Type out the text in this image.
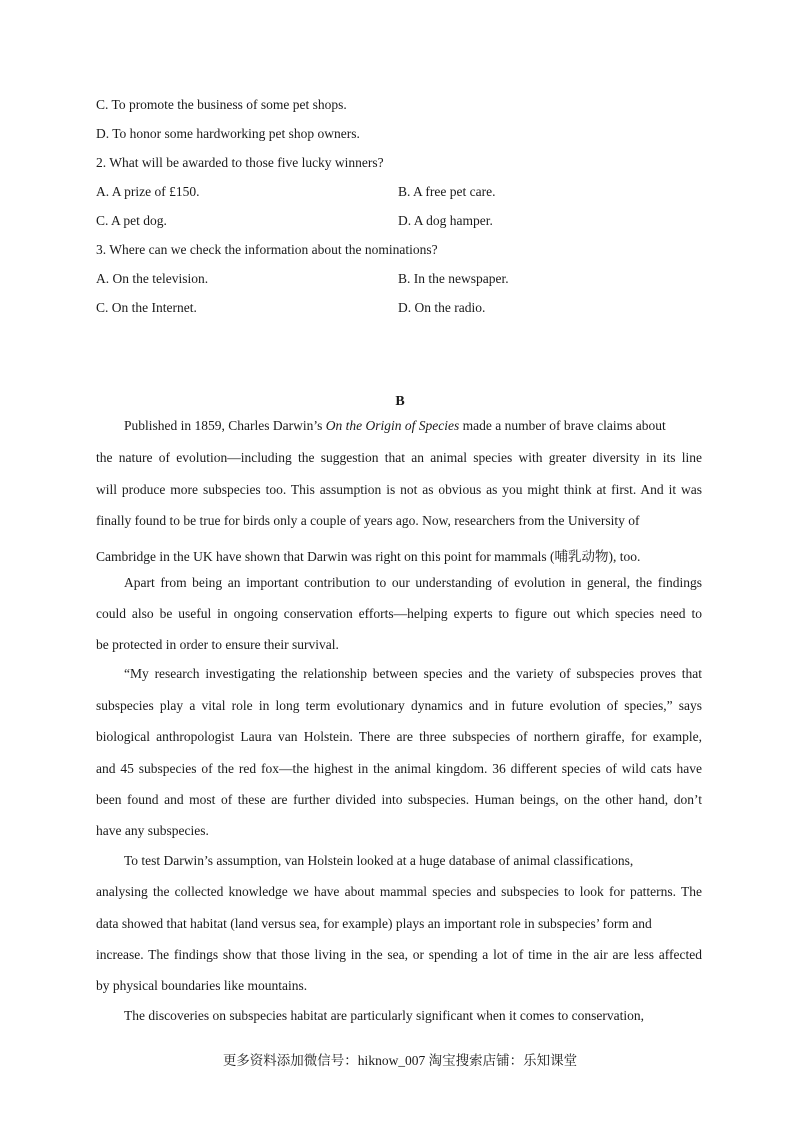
C. To promote the business of some pet shops.
D. To honor some hardworking pet shop owners.
2. What will be awarded to those five lucky winners?
A. A prize of £150.	B. A free pet care.
C. A pet dog.	D. A dog hamper.
3. Where can we check the information about the nominations?
A. On the television.	B. In the newspaper.
C. On the Internet.	D. On the radio.
B
Published in 1859, Charles Darwin’s On the Origin of Species made a number of brave claims about
the nature of evolution—including the suggestion that an animal species with greater diversity in its line
will produce more subspecies too. This assumption is not as obvious as you might think at first. And it was
finally found to be true for birds only a couple of years ago. Now, researchers from the University of
Cambridge in the UK have shown that Darwin was right on this point for mammals (哺乳动物), too.
Apart from being an important contribution to our understanding of evolution in general, the findings
could also be useful in ongoing conservation efforts—helping experts to figure out which species need to
be protected in order to ensure their survival.
“My research investigating the relationship between species and the variety of subspecies proves that
subspecies play a vital role in long term evolutionary dynamics and in future evolution of species,” says
biological anthropologist Laura van Holstein. There are three subspecies of northern giraffe, for example,
and 45 subspecies of the red fox—the highest in the animal kingdom. 36 different species of wild cats have
been found and most of these are further divided into subspecies. Human beings, on the other hand, don’t
have any subspecies.
To test Darwin’s assumption, van Holstein looked at a huge database of animal classifications,
analysing the collected knowledge we have about mammal species and subspecies to look for patterns. The
data showed that habitat (land versus sea, for example) plays an important role in subspecies’ form and
increase. The findings show that those living in the sea, or spending a lot of time in the air are less affected
by physical boundaries like mountains.
The discoveries on subspecies habitat are particularly significant when it comes to conservation,
更多资料添加微信号：hiknow_007 淘宝搜索店铺：乐知课堂
